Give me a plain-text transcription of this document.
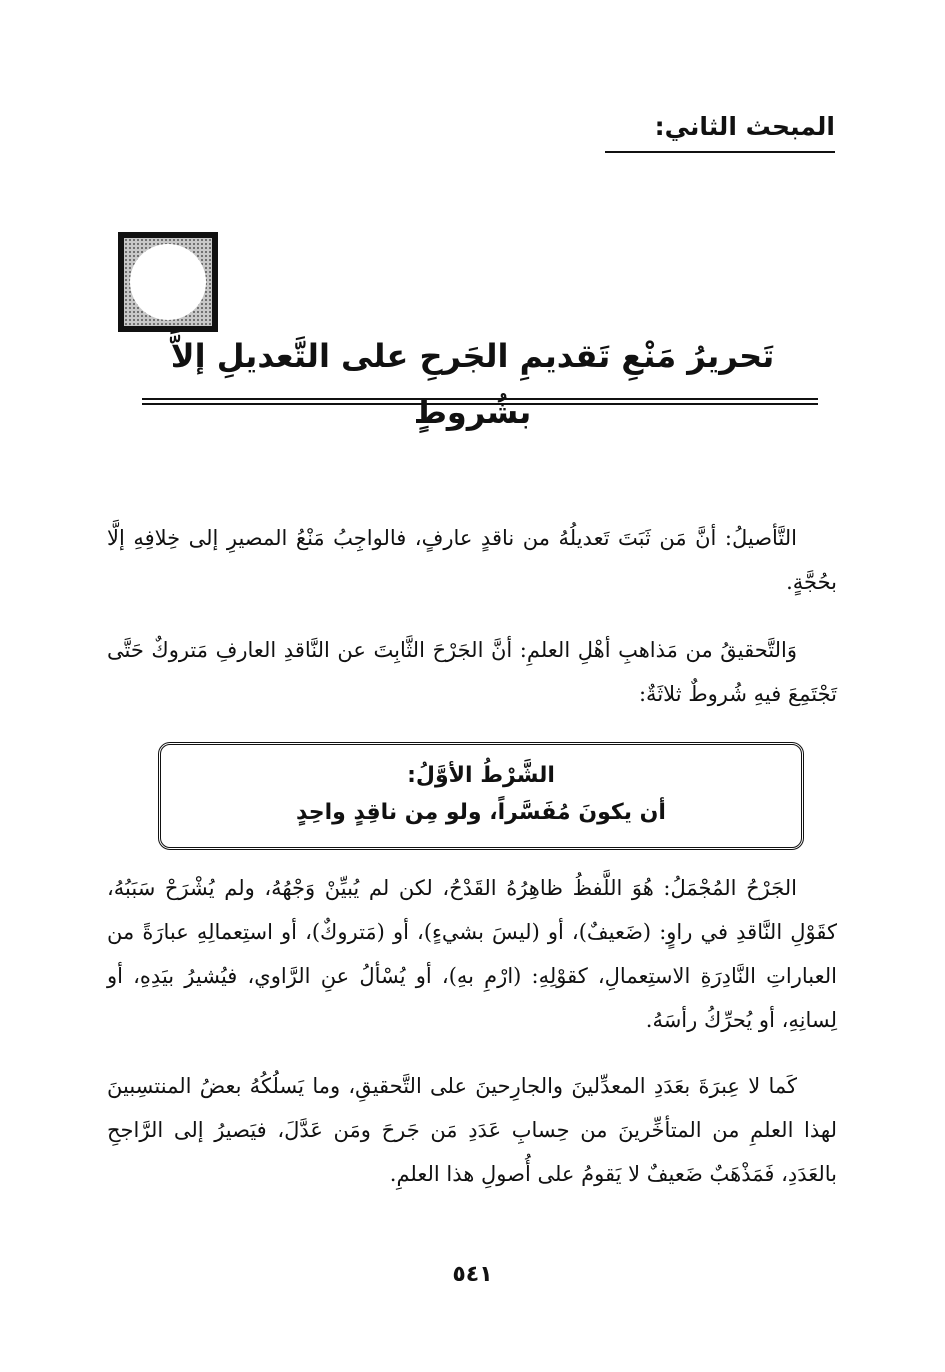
المبحث الثاني:
تَحريرُ مَنْعِ تَقديمِ الجَرحِ على التَّعديلِ إلاَّ بشُروطٍ

التَّأصيلُ: أنَّ مَن ثَبَتَ تَعديلُهُ من ناقدٍ عارفٍ، فالواجِبُ مَنْعُ المصيرِ إلى خِلافِهِ إلَّا بحُجَّةٍ.

وَالتَّحقيقُ من مَذاهبِ أهْلِ العلمِ: أنَّ الجَرْحَ الثَّابِتَ عن النَّاقدِ العارفِ مَتروكٌ حَتَّى تَجْتَمِعَ فيهِ شُروطٌ ثلاثَةٌ:

الشَّرْطُ الأوَّلُ:
أن يكونَ مُفَسَّراً، ولو مِن ناقِدٍ واحِدٍ

الجَرْحُ المُجْمَلُ: هُوَ اللَّفظُ ظاهِرُهُ القَدْحُ، لكن لم يُبيِّنْ وَجْهُهُ، ولم يُشْرَحْ سَبَبُهُ، كقَوْلِ النَّاقدِ في راوٍ: (ضَعيفٌ)، أو (ليسَ بشيءٍ)، أو (مَتروكٌ)، أو استِعمالِهِ عبارَةً من العباراتِ النَّادِرَةِ الاستِعمالِ، كقوْلِهِ: (ارْمِ بهِ)، أو يُسْألُ عنِ الرَّاوي، فيُشيرُ بيَدِهِ، أو لِسانِهِ، أو يُحرِّكُ رأسَهُ.

كَما لا عِبرَةَ بعَدَدِ المعدِّلينَ والجارِحينَ على التَّحقيقِ، وما يَسلُكُهُ بعضُ المنتسِبينَ لهذا العلمِ من المتأخِّرينَ من حِسابِ عَدَدِ مَن جَرحَ ومَن عَدَّلَ، فيَصيرُ إلى الرَّاجحِ بالعَدَدِ، فَمَذْهَبٌ ضَعيفٌ لا يَقومُ على أُصولِ هذا العلمِ.

٥٤١
